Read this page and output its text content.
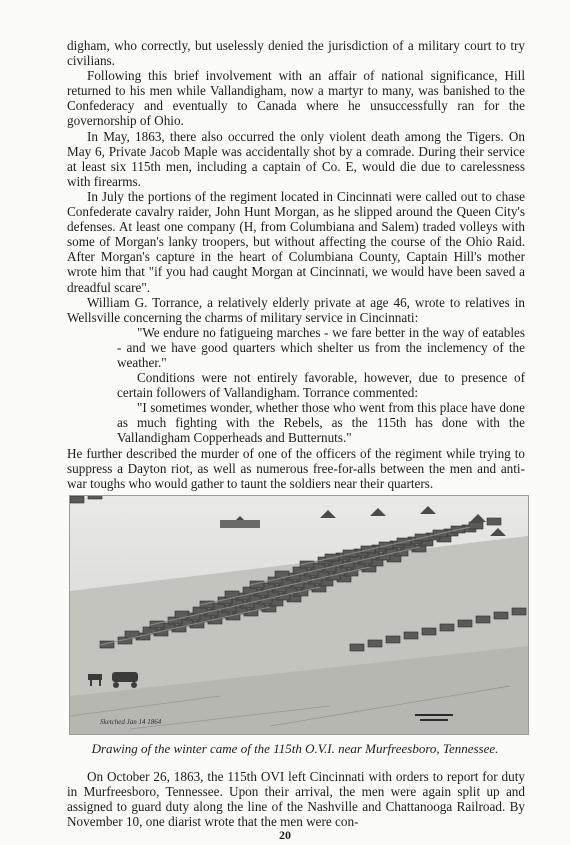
digham, who correctly, but uselessly denied the jurisdiction of a military court to try civilians.

Following this brief involvement with an affair of national significance, Hill returned to his men while Vallandigham, now a martyr to many, was banished to the Confederacy and eventually to Canada where he unsuccessfully ran for the governorship of Ohio.

In May, 1863, there also occurred the only violent death among the Tigers. On May 6, Private Jacob Maple was accidentally shot by a comrade. During their service at least six 115th men, including a captain of Co. E, would die due to carelessness with firearms.

In July the portions of the regiment located in Cincinnati were called out to chase Confederate cavalry raider, John Hunt Morgan, as he slipped around the Queen City's defenses. At least one company (H, from Columbiana and Salem) traded volleys with some of Morgan's lanky troopers, but without affecting the course of the Ohio Raid. After Morgan's capture in the heart of Columbiana County, Captain Hill's mother wrote him that "if you had caught Morgan at Cincinnati, we would have been saved a dreadful scare".

William G. Torrance, a relatively elderly private at age 46, wrote to relatives in Wellsville concerning the charms of military service in Cincinnati:

"We endure no fatigueing marches - we fare better in the way of eatables - and we have good quarters which shelter us from the inclemency of the weather."

Conditions were not entirely favorable, however, due to presence of certain followers of Vallandigham. Torrance commented:

"I sometimes wonder, whether those who went from this place have done as much fighting with the Rebels, as the 115th has done with the Vallandigham Copperheads and Butternuts."

He further described the murder of one of the officers of the regiment while trying to suppress a Dayton riot, as well as numerous free-for-alls between the men and anti-war toughs who would gather to taunt the soldiers near their quarters.

Sketched Jan 14 1864
Drawing of the winter came of the 115th O.V.I. near Murfreesboro, Tennessee.

On October 26, 1863, the 115th OVI left Cincinnati with orders to report for duty in Murfreesboro, Tennessee. Upon their arrival, the men were again split up and assigned to guard duty along the line of the Nashville and Chattanooga Railroad. By November 10, one diarist wrote that the men were con-

20
